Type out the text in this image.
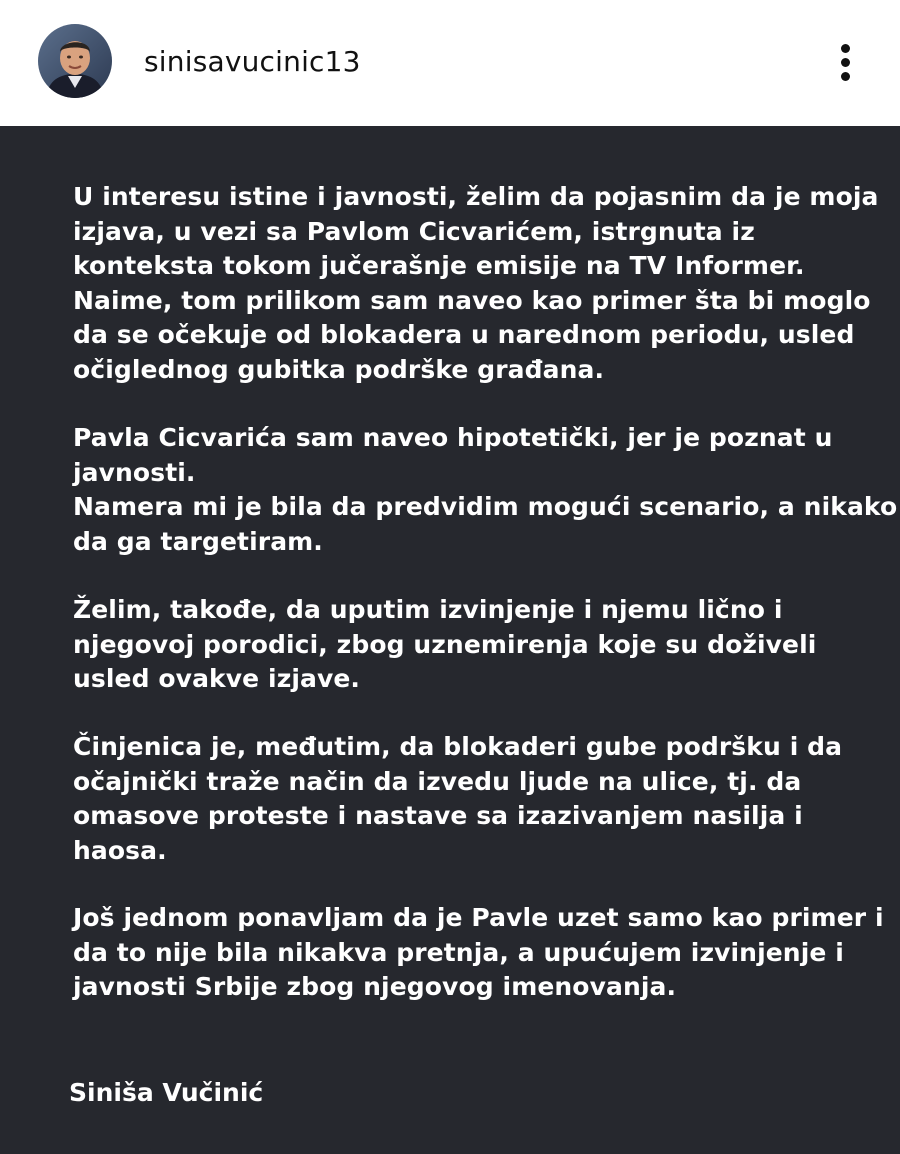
sinisavucinic13

U interesu istine i javnosti, želim da pojasnim da je moja
izjava, u vezi sa Pavlom Cicvarićem, istrgnuta iz
konteksta tokom jučerašnje emisije na TV Informer.
Naime, tom prilikom sam naveo kao primer šta bi moglo
da se očekuje od blokadera u narednom periodu, usled
očiglednog gubitka podrške građana.

Pavla Cicvarića sam naveo hipotetički, jer je poznat u
javnosti.
Namera mi je bila da predvidim mogući scenario, a nikako
da ga targetiram.

Želim, takođe, da uputim izvinjenje i njemu lično i
njegovoj porodici, zbog uznemirenja koje su doživeli
usled ovakve izjave.

Činjenica je, međutim, da blokaderi gube podršku i da
očajnički traže način da izvedu ljude na ulice, tj. da
omasove proteste i nastave sa izazivanjem nasilja i
haosa.

Još jednom ponavljam da je Pavle uzet samo kao primer i
da to nije bila nikakva pretnja, a upućujem izvinjenje i
javnosti Srbije zbog njegovog imenovanja.

Siniša Vučinić
